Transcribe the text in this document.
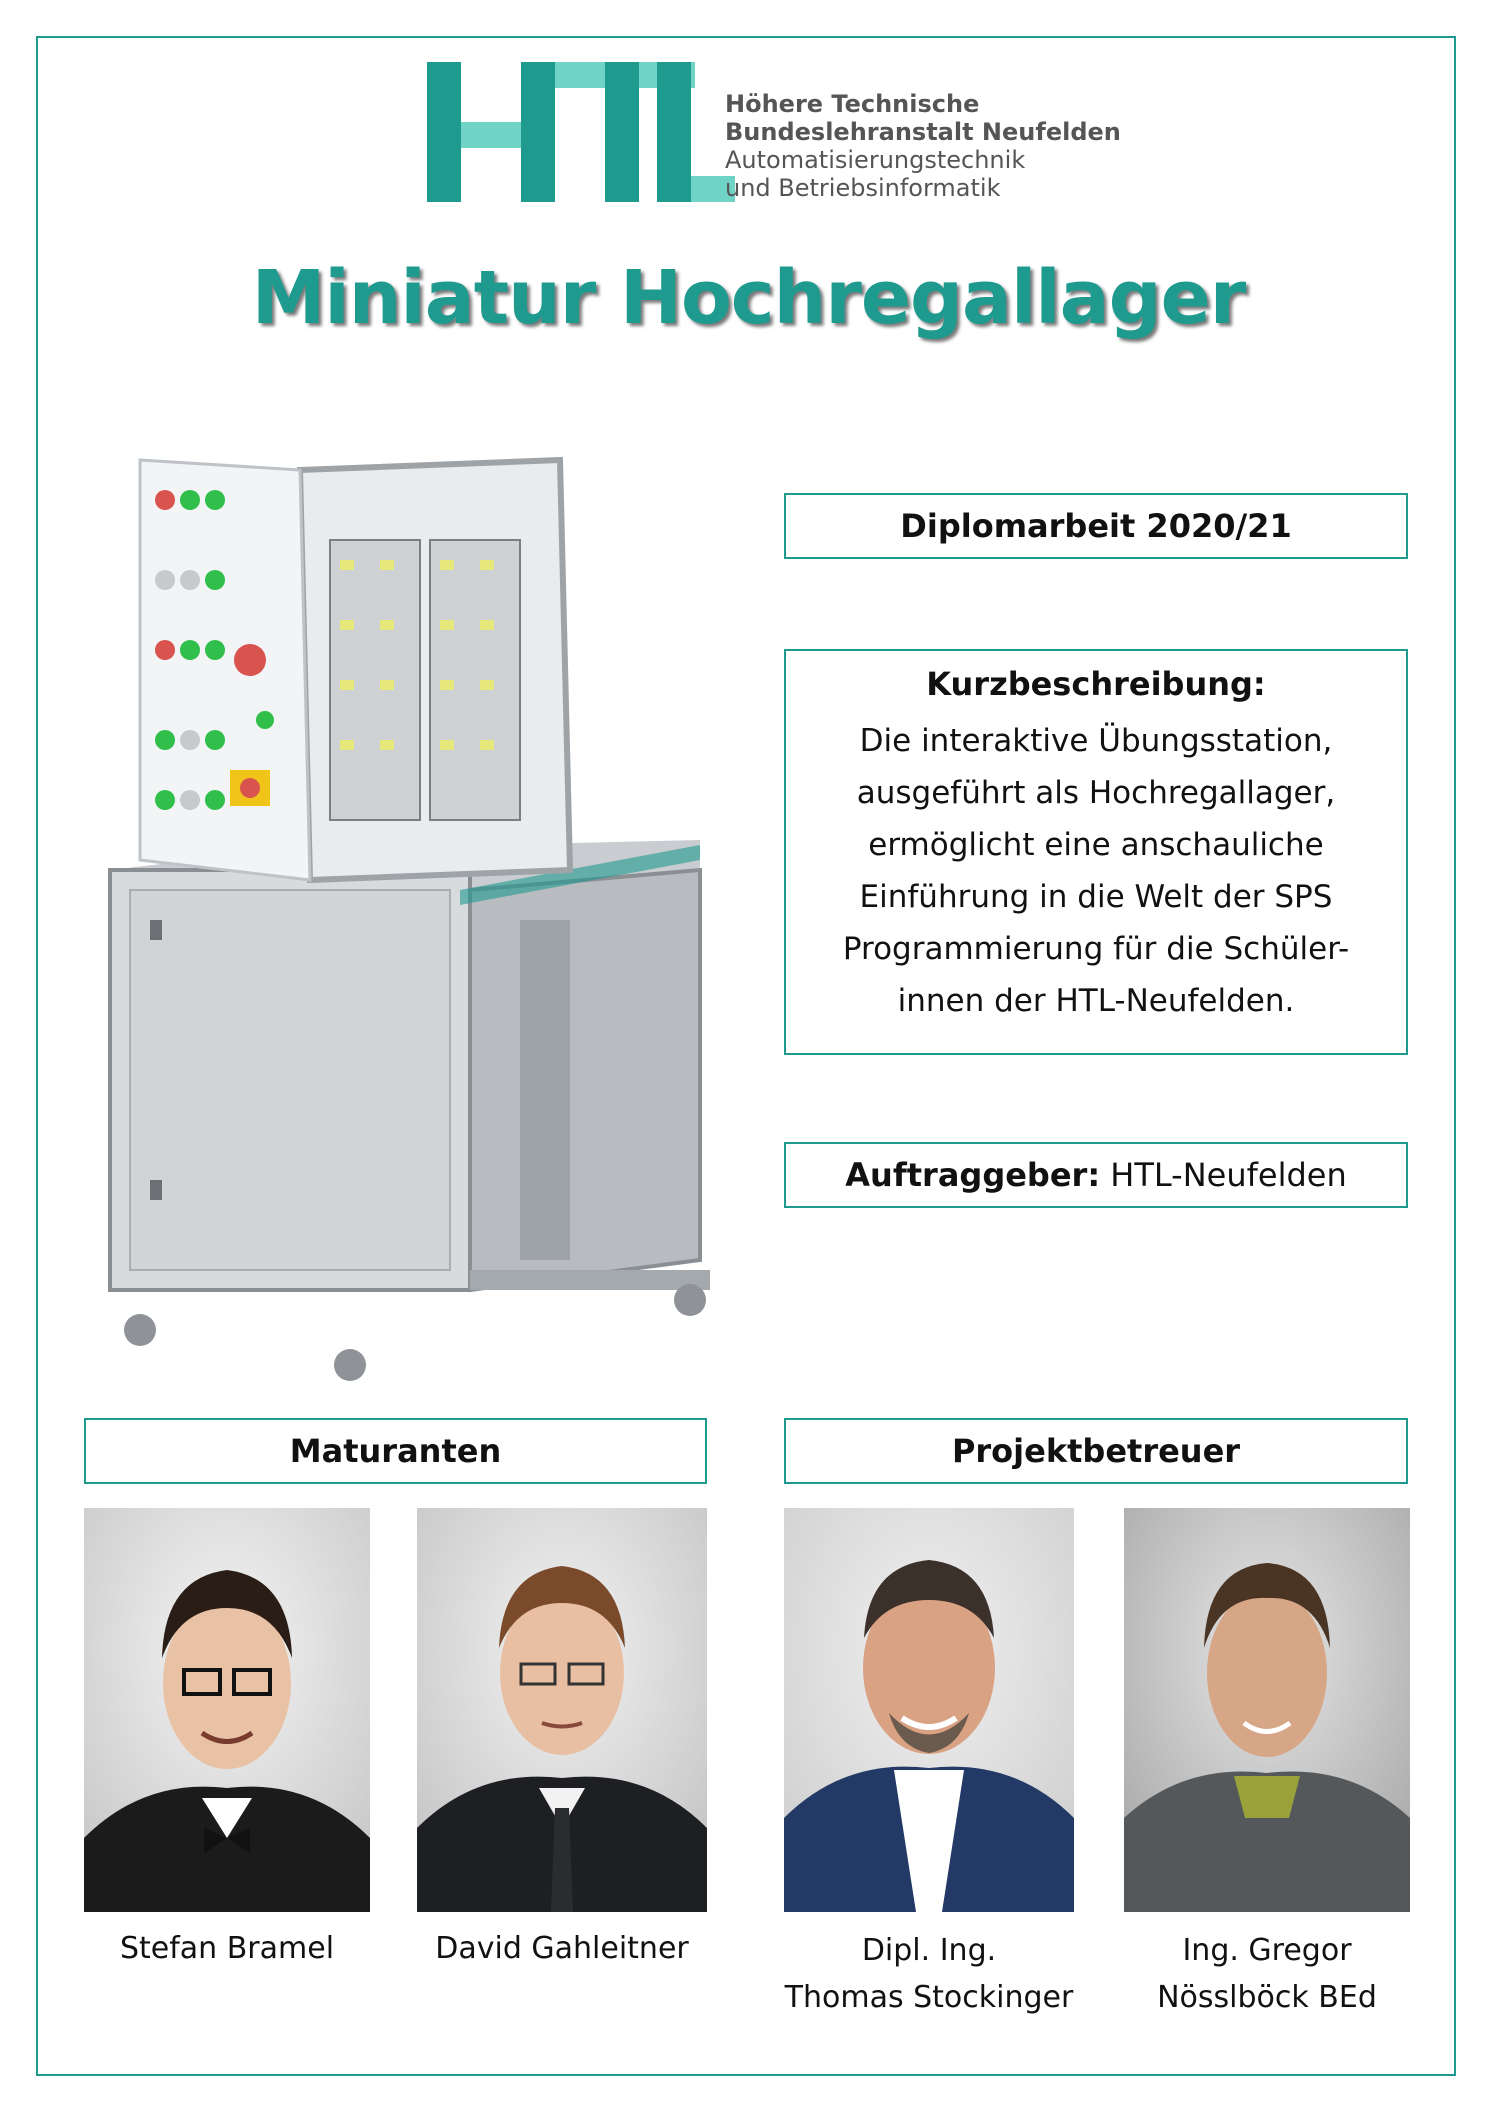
Höhere Technische
Bundeslehranstalt Neufelden
Automatisierungstechnik
und Betriebsinformatik
Miniatur Hochregallager
Diplomarbeit 2020/21
Kurzbeschreibung:
Die interaktive Übungsstation,
ausgeführt als Hochregallager,
ermöglicht eine anschauliche
Einführung in die Welt der SPS
Programmierung für die Schüler-
innen der HTL-Neufelden.
Auftraggeber: HTL-Neufelden
Maturanten	Projektbetreuer
Stefan Bramel	David Gahleitner	Dipl. Ing.
Thomas Stockinger
Ing. Gregor
Nösslböck BEd
